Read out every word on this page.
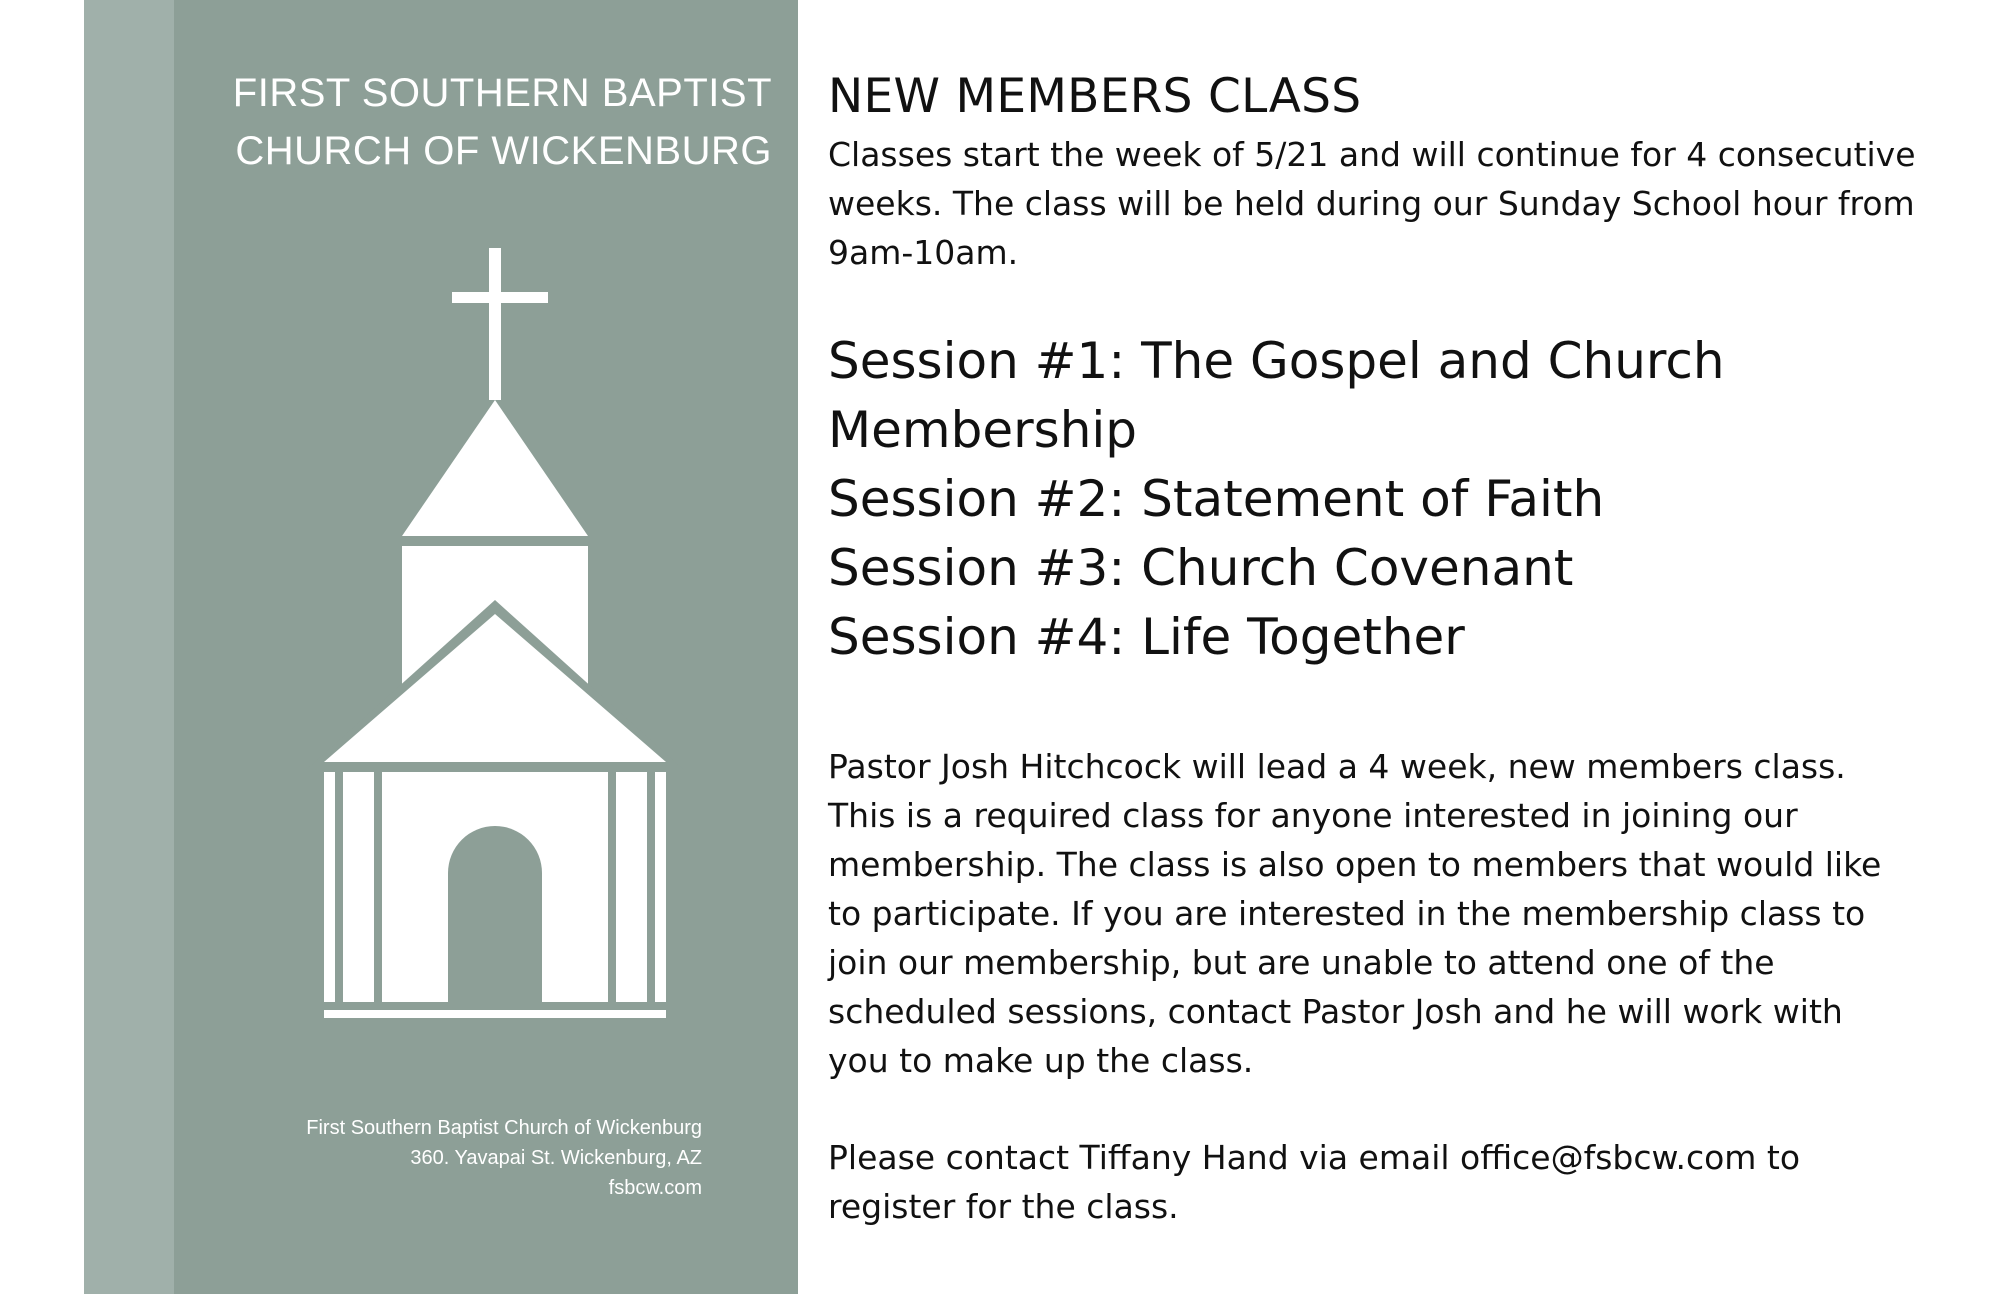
FIRST SOUTHERN BAPTIST
CHURCH OF WICKENBURG
First Southern Baptist Church of Wickenburg
360. Yavapai St. Wickenburg, AZ
fsbcw.com
NEW MEMBERS CLASS

Classes start the week of 5/21 and will continue for 4 consecutive weeks. The class will be held during our Sunday School hour from 9am-10am.

Session #1: The Gospel and Church Membership
Session #2: Statement of Faith
Session #3: Church Covenant
Session #4: Life Together

Pastor Josh Hitchcock will lead a 4 week, new members class. This is a required class for anyone interested in joining our membership. The class is also open to members that would like to participate. If you are interested in the membership class to join our membership, but are unable to attend one of the scheduled sessions, contact Pastor Josh and he will work with you to make up the class.

Please contact Tiffany Hand via email office@fsbcw.com to register for the class.
